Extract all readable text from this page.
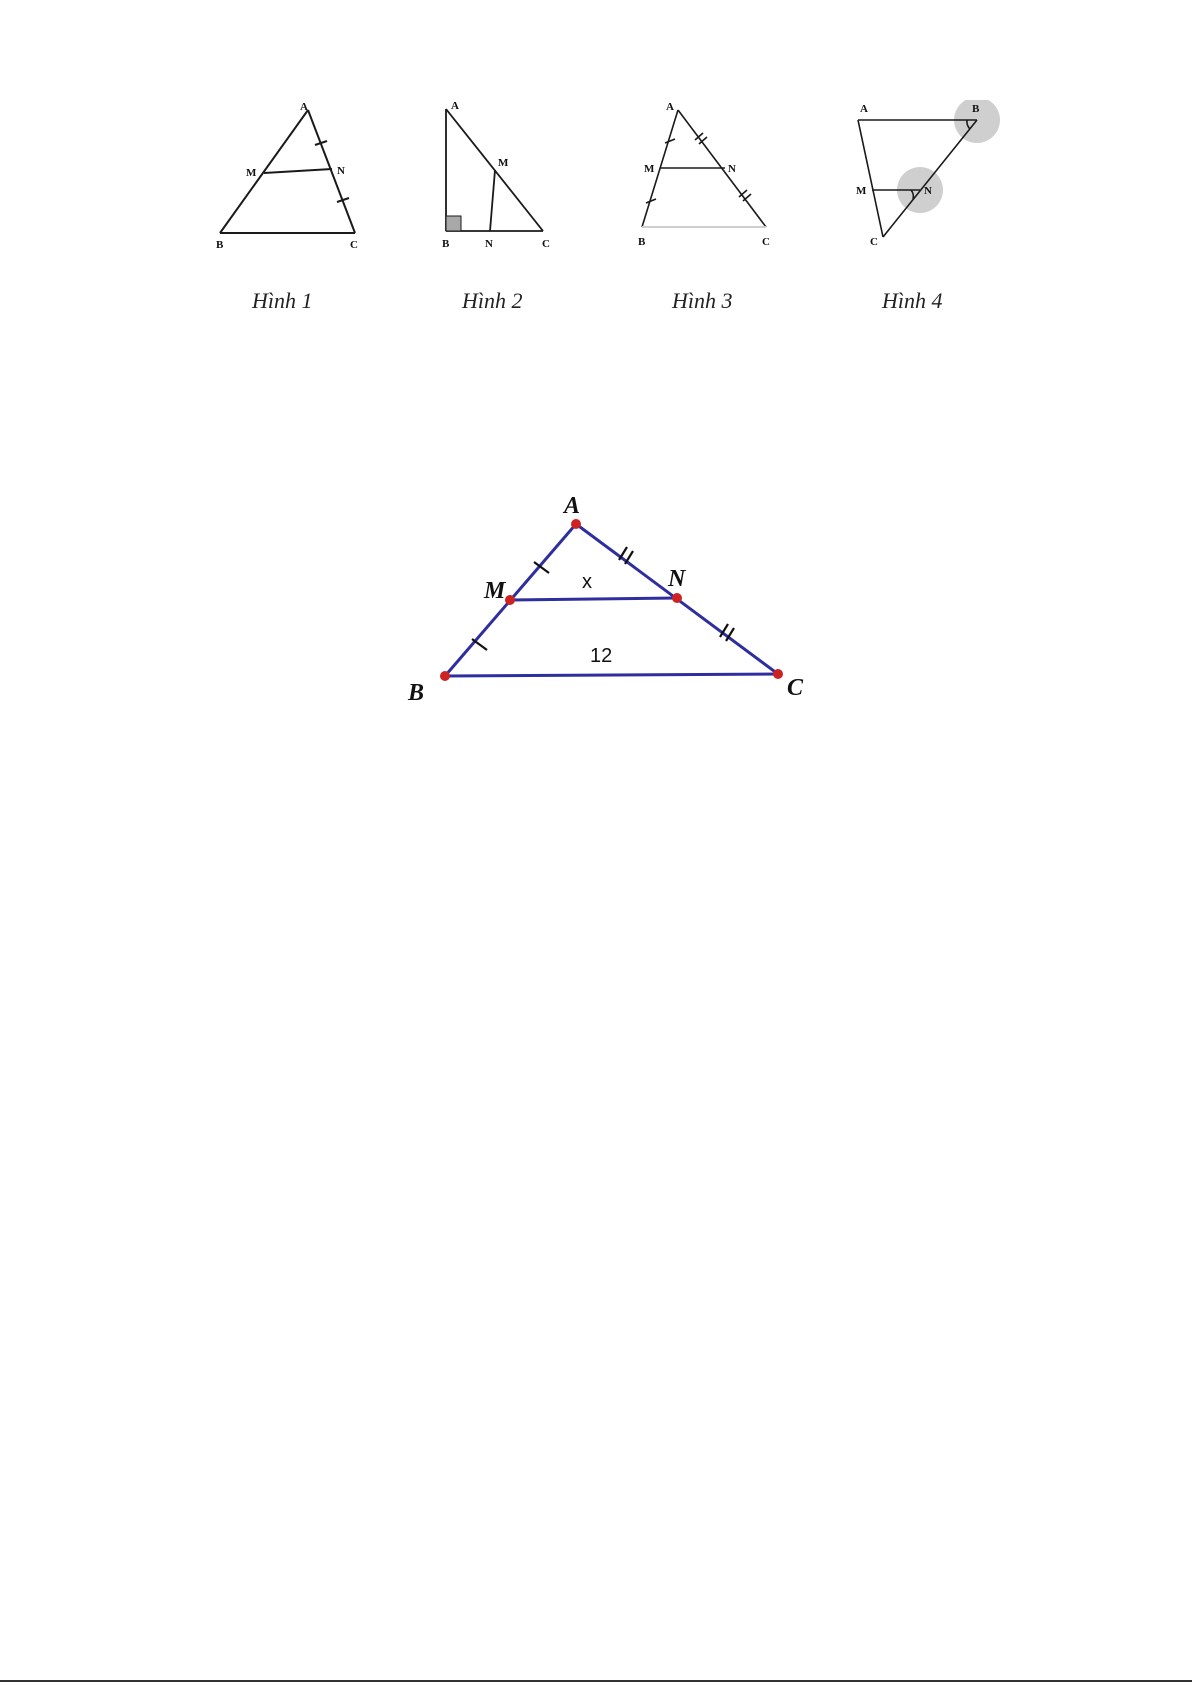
A
M	N
B	C
Hình 1
A
M
B	N	C
Hình 2
A
M	N
B	C
Hình 3
A	B
M	N
C
Hình 4
A
M	N
B	C
x
12
